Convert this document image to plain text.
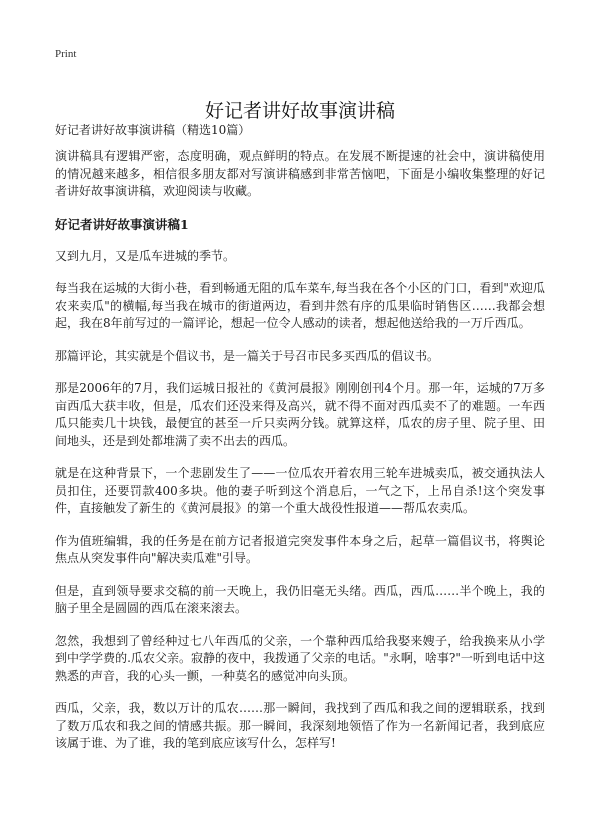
Print
好记者讲好故事演讲稿
好记者讲好故事演讲稿（精选10篇）

演讲稿具有逻辑严密，态度明确，观点鲜明的特点。在发展不断提速的社会中，演讲稿使用的情况越来越多，相信很多朋友都对写演讲稿感到非常苦恼吧，下面是小编收集整理的好记者讲好故事演讲稿，欢迎阅读与收藏。

好记者讲好故事演讲稿1

又到九月，又是瓜车进城的季节。

每当我在运城的大街小巷，看到畅通无阻的瓜车菜车,每当我在各个小区的门口，看到"欢迎瓜农来卖瓜"的横幅,每当我在城市的街道两边，看到井然有序的瓜果临时销售区……我都会想起，我在8年前写过的一篇评论，想起一位令人感动的读者，想起他送给我的一万斤西瓜。

那篇评论，其实就是个倡议书，是一篇关于号召市民多买西瓜的倡议书。

那是2006年的7月，我们运城日报社的《黄河晨报》刚刚创刊4个月。那一年，运城的7万多亩西瓜大获丰收，但是，瓜农们还没来得及高兴，就不得不面对西瓜卖不了的难题。一车西瓜只能卖几十块钱，最便宜的甚至一斤只卖两分钱。就算这样，瓜农的房子里、院子里、田间地头，还是到处都堆满了卖不出去的西瓜。

就是在这种背景下，一个悲剧发生了——一位瓜农开着农用三轮车进城卖瓜，被交通执法人员扣住，还要罚款400多块。他的妻子听到这个消息后，一气之下，上吊自杀!这个突发事件，直接触发了新生的《黄河晨报》的第一个重大战役性报道——帮瓜农卖瓜。

作为值班编辑，我的任务是在前方记者报道完突发事件本身之后，起草一篇倡议书，将舆论焦点从突发事件向"解决卖瓜难"引导。

但是，直到领导要求交稿的前一天晚上，我仍旧毫无头绪。西瓜，西瓜……半个晚上，我的脑子里全是圆圆的西瓜在滚来滚去。

忽然，我想到了曾经种过七八年西瓜的父亲，一个靠种西瓜给我娶来嫂子，给我换来从小学到中学学费的.瓜农父亲。寂静的夜中，我拨通了父亲的电话。"永啊，啥事?"一听到电话中这熟悉的声音，我的心头一颤，一种莫名的感觉冲向头顶。

西瓜，父亲，我，数以万计的瓜农……那一瞬间，我找到了西瓜和我之间的逻辑联系，找到了数万瓜农和我之间的情感共振。那一瞬间，我深刻地领悟了作为一名新闻记者，我到底应该属于谁、为了谁，我的笔到底应该写什么，怎样写!
